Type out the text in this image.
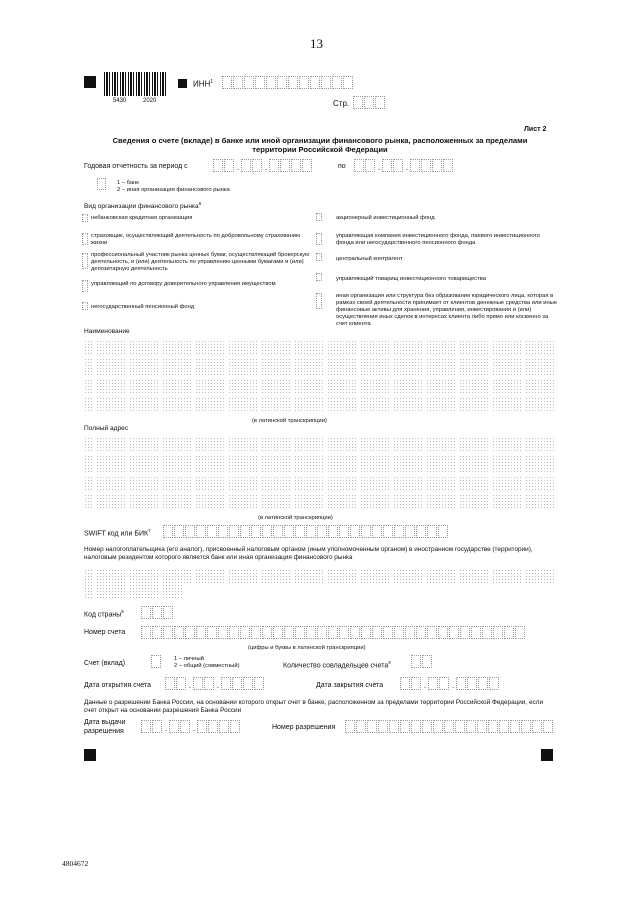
13
5430	2020
ИНН$^1$
Стр.
Лист 2
Сведения о счете (вкладе) в банке или иной организации финансового рынка, расположенных за пределами
территории Российской Федерации
Годовая отчетность за период с	.	.	по	.	.
1 – банк
2 – иная организация финансового рынка
Вид организации финансового рынка$^6$
небанковская кредитная организация
страховщик, осуществляющий деятельность по добровольному страхованию жизни
профессиональный участник рынка ценных бумаг, осуществляющий брокерскую деятельность, и (или) деятельность по управлению ценными бумагами и (или) депозитарную деятельность
управляющий по договору доверительного управления имуществом
негосударственный пенсионный фонд
акционерный инвестиционный фонд
управляющая компания инвестиционного фонда, паевого инвестиционного фонда или негосударственного пенсионного фонда
центральный контрагент
управляющий товарищ инвестиционного товарищества
иная организация или структура без образования юридического лица, которая в рамках своей деятельности принимает от клиентов денежные средства или иные финансовые активы для хранения, управления, инвестирования и (или) осуществления иных сделок в интересах клиента либо прямо или косвенно за счет клиента
Наименование
(в латинской транскрипции)
Полный адрес
(в латинской транскрипции)
SWIFT код или БИК$^7$
Номер налогоплательщика (его аналог), присвоенный налоговым органом (иным уполномоченным органом) в иностранном государстве (территории), налоговым резидентом которого является банк или иная организация финансового рынка
Код страны$^8$
Номер счета
(цифры и буквы в латинской транскрипции)
Счет (вклад)
1 – личный
2 – общий (совместный)	Количество совладельцев счета$^9$
Дата открытия счета	.	.	Дата закрытия счета	.	.
Данные о разрешении Банка России, на основании которого открыт счет в банке, расположенном за пределами территории Российской Федерации, если счет открыт на основании разрешения Банка России
Дата выдачи
разрешения	.	.	Номер разрешения
4804672
